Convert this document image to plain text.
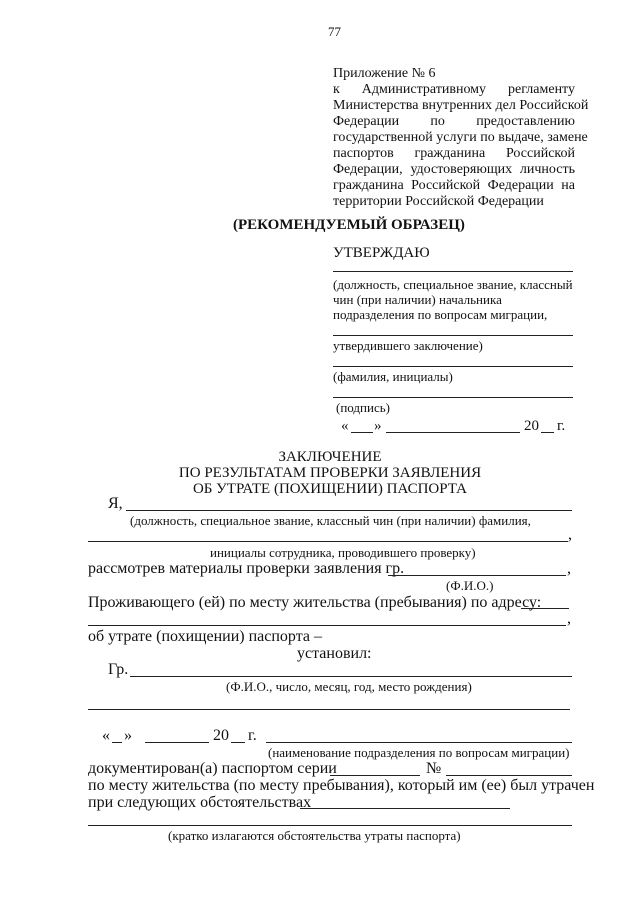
77
Приложение № 6
к Административному регламенту
Министерства внутренних дел Российской
Федерации по предоставлению
государственной услуги по выдаче, замене
паспортов гражданина Российской
Федерации, удостоверяющих личность
гражданина Российской Федерации на
территории Российской Федерации
(РЕКОМЕНДУЕМЫЙ ОБРАЗЕЦ)
УТВЕРЖДАЮ
(должность, специальное звание, классный
чин (при наличии) начальника
подразделения по вопросам миграции,
утвердившего заключение)
(фамилия, инициалы)
(подпись)
« »	20 г.
ЗАКЛЮЧЕНИЕ
ПО РЕЗУЛЬТАТАМ ПРОВЕРКИ ЗАЯВЛЕНИЯ
ОБ УТРАТЕ (ПОХИЩЕНИИ) ПАСПОРТА
Я,
(должность, специальное звание, классный чин (при наличии) фамилия,
,
инициалы сотрудника, проводившего проверку)
рассмотрев материалы проверки заявления гр.	,
(Ф.И.О.)
Проживающего (ей) по месту жительства (пребывания) по адресу:
,
об утрате (похищении) паспорта –
установил:
Гр.
(Ф.И.О., число, месяц, год, место рождения)
« »	20 г.
(наименование подразделения по вопросам миграции)
документирован(а) паспортом серии	№
по месту жительства (по месту пребывания), который им (ее) был утрачен
при следующих обстоятельствах
(кратко излагаются обстоятельства утраты паспорта)
